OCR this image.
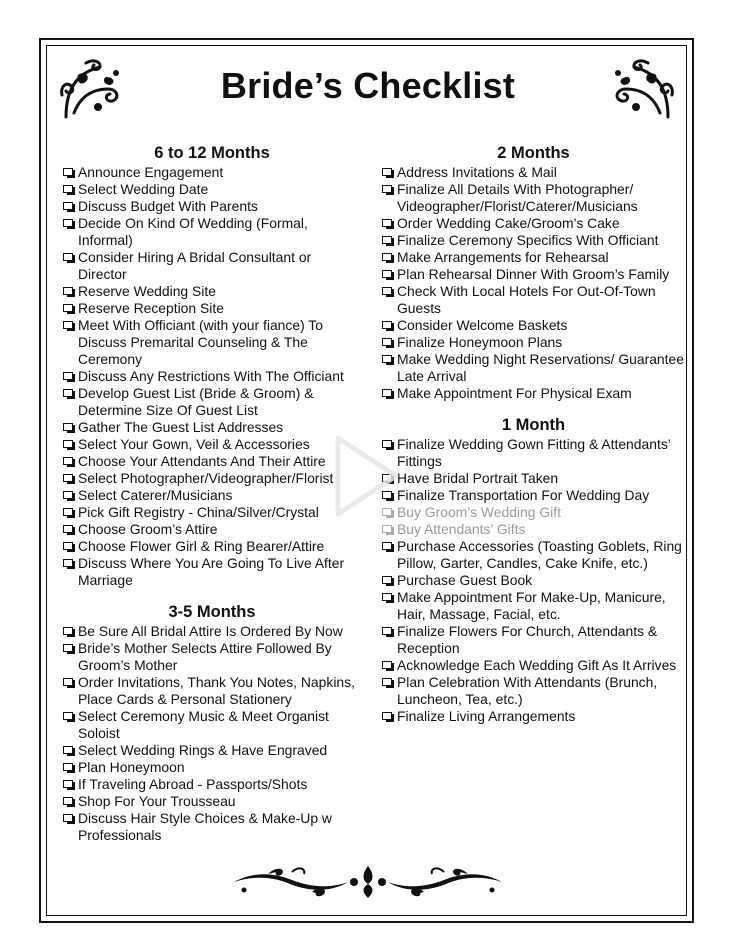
Bride’s Checklist
6 to 12 Months
Announce Engagement
Select Wedding Date
Discuss Budget With Parents
Decide On Kind Of Wedding (Formal, Informal)
Consider Hiring A Bridal Consultant or Director
Reserve Wedding Site
Reserve Reception Site
Meet With Officiant (with your fiance) To Discuss Premarital Counseling & The Ceremony
Discuss Any Restrictions With The Officiant
Develop Guest List (Bride & Groom) & Determine Size Of Guest List
Gather The Guest List Addresses
Select Your Gown, Veil & Accessories
Choose Your Attendants And Their Attire
Select Photographer/Videographer/Florist
Select Caterer/Musicians
Pick Gift Registry - China/Silver/Crystal
Choose Groom’s Attire
Choose Flower Girl & Ring Bearer/Attire
Discuss Where You Are Going To Live After Marriage
3-5 Months
Be Sure All Bridal Attire Is Ordered By Now
Bride’s Mother Selects Attire Followed By Groom’s Mother
Order Invitations, Thank You Notes, Napkins, Place Cards & Personal Stationery
Select Ceremony Music & Meet Organist Soloist
Select Wedding Rings & Have Engraved
Plan Honeymoon
If Traveling Abroad - Passports/Shots
Shop For Your Trousseau
Discuss Hair Style Choices & Make-Up w Professionals
2 Months
Address Invitations & Mail
Finalize All Details With Photographer/ Videographer/Florist/Caterer/Musicians
Order Wedding Cake/Groom’s Cake
Finalize Ceremony Specifics With Officiant
Make Arrangements for Rehearsal
Plan Rehearsal Dinner With Groom’s Family
Check With Local Hotels For Out-Of-Town Guests
Consider Welcome Baskets
Finalize Honeymoon Plans
Make Wedding Night Reservations/ Guarantee Late Arrival
Make Appointment For Physical Exam
1 Month
Finalize Wedding Gown Fitting & Attendants’ Fittings
Have Bridal Portrait Taken
Finalize Transportation For Wedding Day
Buy Groom’s Wedding Gift
Buy Attendants’ Gifts
Purchase Accessories (Toasting Goblets, Ring Pillow, Garter, Candles, Cake Knife, etc.)
Purchase Guest Book
Make Appointment For Make-Up, Manicure, Hair, Massage, Facial, etc.
Finalize Flowers For Church, Attendants & Reception
Acknowledge Each Wedding Gift As It Arrives
Plan Celebration With Attendants (Brunch, Luncheon, Tea, etc.)
Finalize Living Arrangements
